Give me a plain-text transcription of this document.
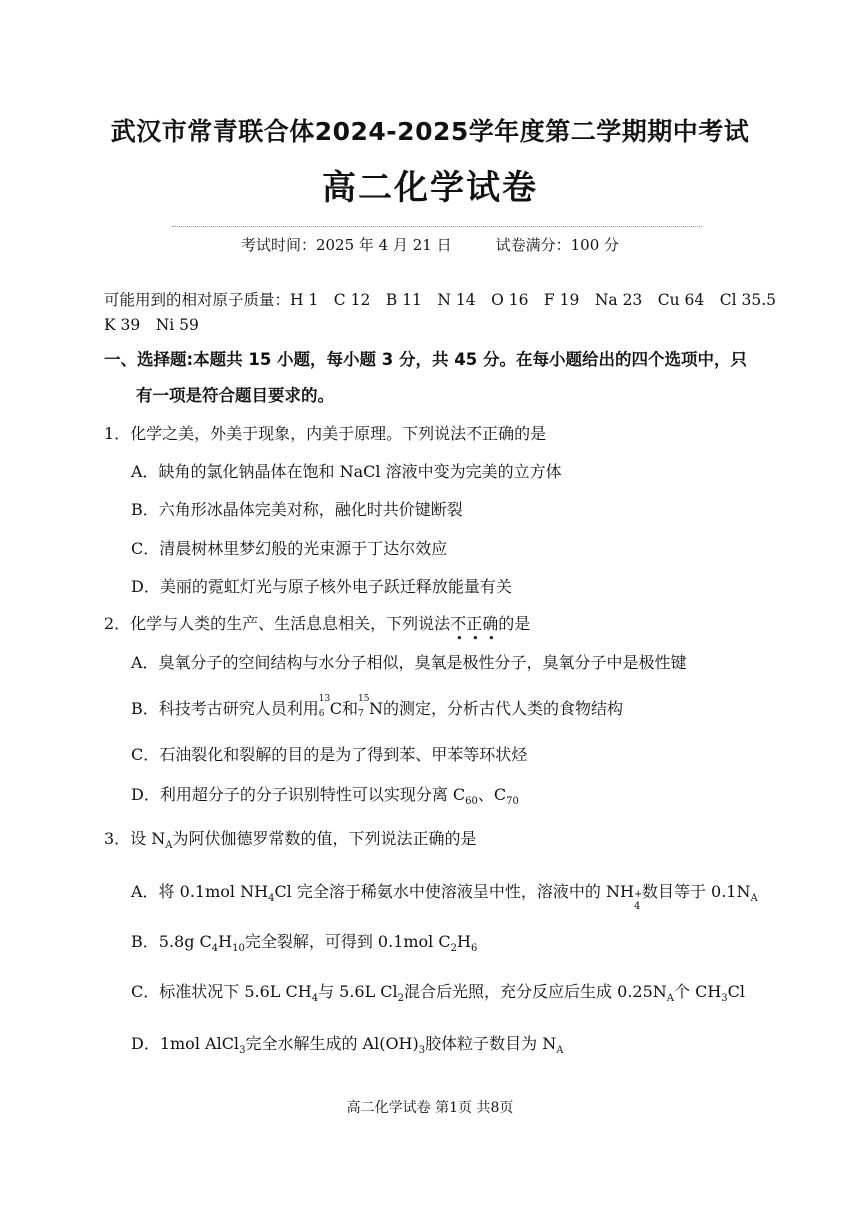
武汉市常青联合体2024-2025学年度第二学期期中考试
高二化学试卷
考试时间：2025 年 4 月 21 日	试卷满分：100 分
可能用到的相对原子质量：H 1　C 12　B 11　N 14　O 16　F 19　Na 23　Cu 64　Cl 35.5
K 39　Ni 59
一、选择题:本题共 15 小题，每小题 3 分，共 45 分。在每小题给出的四个选项中，只
有一项是符合题目要求的。
1．化学之美，外美于现象，内美于原理。下列说法不正确的是
A．缺角的氯化钠晶体在饱和 NaCl 溶液中变为完美的立方体
B．六角形冰晶体完美对称，融化时共价键断裂
C．清晨树林里梦幻般的光束源于丁达尔效应
D．美丽的霓虹灯光与原子核外电子跃迁释放能量有关
2．化学与人类的生产、生活息息相关，下列说法不正确的是
A．臭氧分子的空间结构与水分子相似，臭氧是极性分子，臭氧分子中是极性键
B．科技考古研究人员利用 13
6 C和 15
7 N的测定，分析古代人类的食物结构
C．石油裂化和裂解的目的是为了得到苯、甲苯等环状烃
D．利用超分子的分子识别特性可以实现分离 $C_{60}$、$C_{70}$
3．设 $N_A$为阿伏伽德罗常数的值，下列说法正确的是
A．将 0.1mol $NH_4Cl$ 完全溶于稀氨水中使溶液呈中性，溶液中的 NH +
4
数目等于 $0.1N_A$
B．5.8g $C_4H_{10}$完全裂解，可得到 0.1mol $C_2H_6$
C．标准状况下 5.6L $CH_4$与 5.6L $Cl_2$混合后光照，充分反应后生成 $0.25N_A$个 $CH_3Cl$
D．1mol AlCl$_3$完全水解生成的 $Al(OH)_3$胶体粒子数目为 $N_A$
高二化学试卷 第1页 共8页
